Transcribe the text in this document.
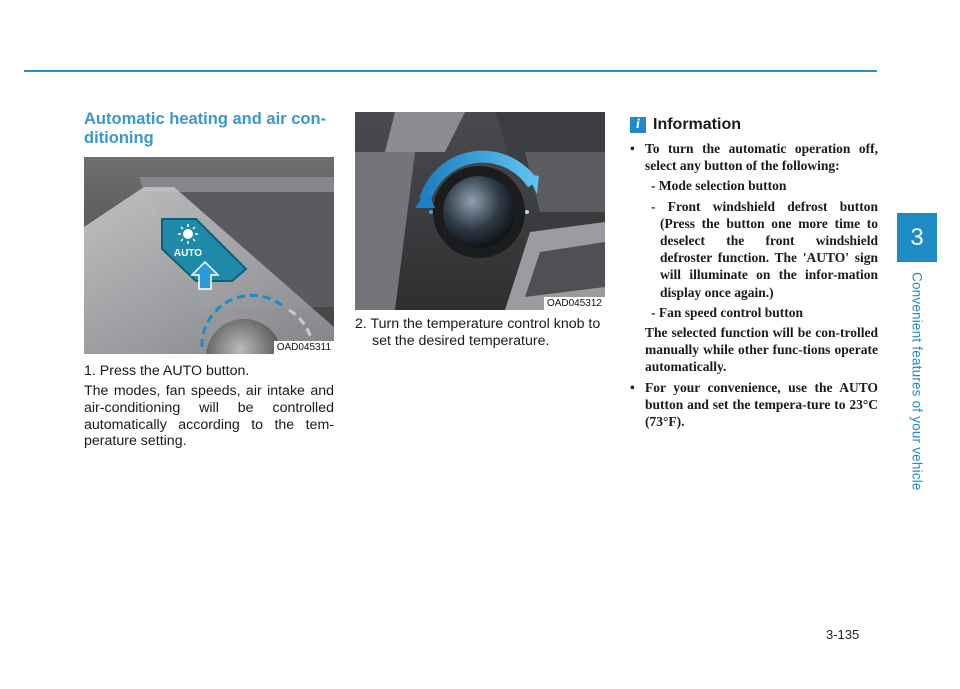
3
Convenient features of your vehicle
Automatic heating and air con-ditioning
AUTO
OAD045311

1. Press the AUTO button.

The modes, fan speeds, air intake and air-conditioning will be controlled automatically according to the tem-perature setting.

OAD045312

2. Turn the temperature control knob to set the desired temperature.

i Information
• To turn the automatic operation off, select any button of the following:
- Mode selection button
- Front windshield defrost button (Press the button one more time to deselect the front windshield defroster function. The 'AUTO' sign will illuminate on the infor-mation display once again.)
- Fan speed control button
The selected function will be con-trolled manually while other func-tions operate automatically.
• For your convenience, use the AUTO button and set the tempera-ture to 23°C (73°F).
3-135
